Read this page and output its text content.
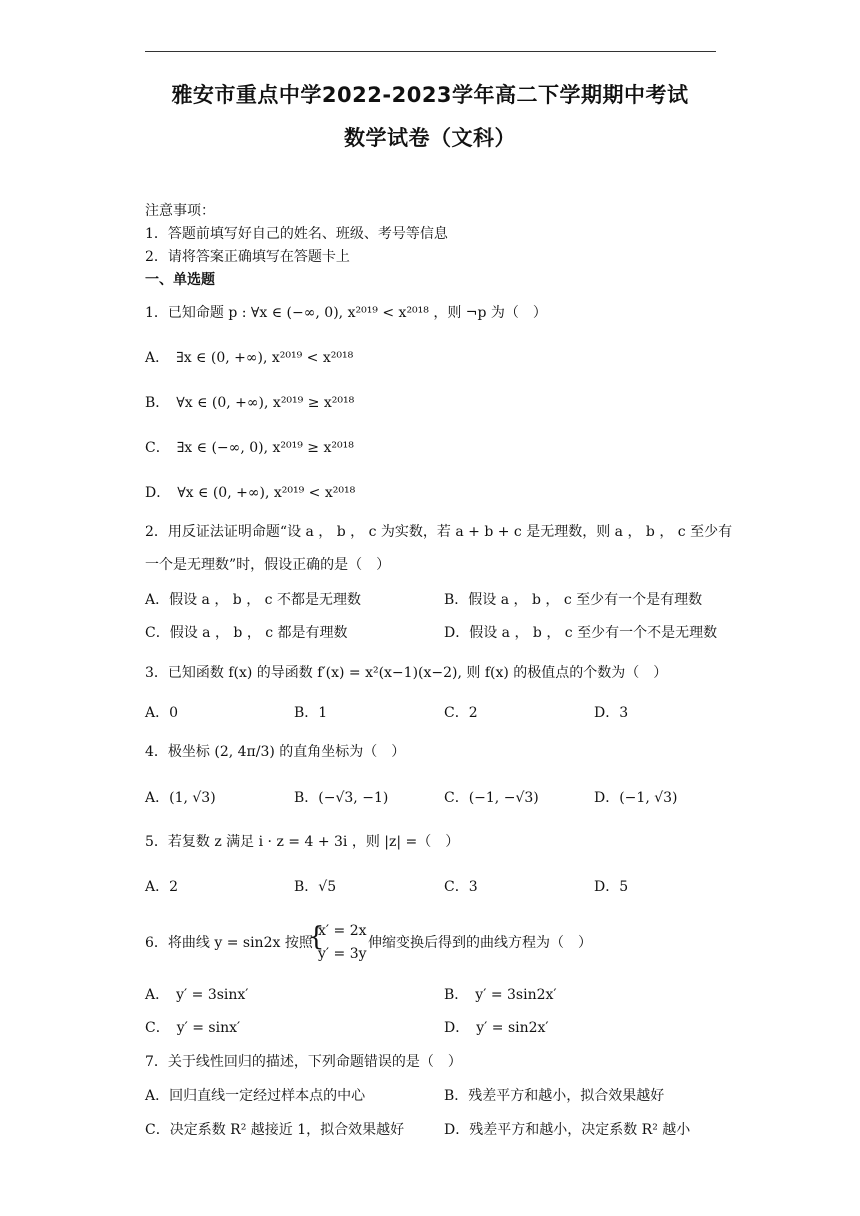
雅安市重点中学2022-2023学年高二下学期期中考试
数学试卷（文科）
注意事项：
1．答题前填写好自己的姓名、班级、考号等信息
2．请将答案正确填写在答题卡上
一、单选题
1．已知命题 p : ∀x ∈ (−∞, 0), x²⁰¹⁹ < x²⁰¹⁸ ，则 ¬p 为（　）
A．　∃x ∈ (0, +∞), x²⁰¹⁹ < x²⁰¹⁸
B．　∀x ∈ (0, +∞), x²⁰¹⁹ ≥ x²⁰¹⁸
C．　∃x ∈ (−∞, 0), x²⁰¹⁹ ≥ x²⁰¹⁸
D．　∀x ∈ (0, +∞), x²⁰¹⁹ < x²⁰¹⁸
2．用反证法证明命题“设 a ， b ， c 为实数，若 a + b + c 是无理数，则 a ， b ， c 至少有
一个是无理数”时，假设正确的是（　）
A．假设 a ， b ， c 不都是无理数	B．假设 a ， b ， c 至少有一个是有理数
C．假设 a ， b ， c 都是有理数	D．假设 a ， b ， c 至少有一个不是无理数
3．已知函数 f(x) 的导函数 f′(x) = x²(x−1)(x−2), 则 f(x) 的极值点的个数为（　）
A．0	B．1	C．2	D．3
4．极坐标 (2, 4π/3) 的直角坐标为（　）
A．(1, √3)	B．(−√3, −1)	C．(−1, −√3)	D．(−1, √3)
5．若复数 z 满足 i · z = 4 + 3i ，则 |z| =（　）
A．2	B．√5	C．3	D．5
6．将曲线 y = sin2x 按照
{
x′ = 2x
y′ = 3y
伸缩变换后得到的曲线方程为（　）
A．　y′ = 3sinx′	B．　y′ = 3sin2x′
C．　y′ = sinx′	D．　y′ = sin2x′
7．关于线性回归的描述，下列命题错误的是（　）
A．回归直线一定经过样本点的中心	B．残差平方和越小，拟合效果越好
C．决定系数 R² 越接近 1，拟合效果越好	D．残差平方和越小，决定系数 R² 越小
